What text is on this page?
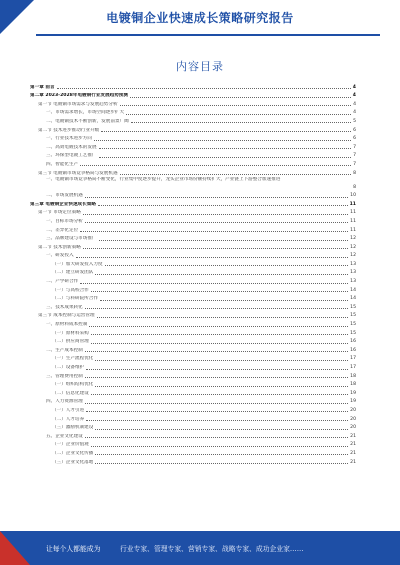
电镀铜企业快速成长策略研究报告
内容目录
第一章 前言	4
第二章 2023-2028年电镀铜行业发展趋势预测	4
第一节 电镀铜市场需求与发展趋势分析	4
一、市场需求增长，市场空间逐步扩大	4
二、电镀铜技术不断创新，发展前景广阔	5
第二节 技术进步推动行业升级	6
一、行业技术进步方向	6
二、高效电镀技术的发展	7
三、环保型电镀工艺推广	7
四、智能化生产	7
第三节 电镀铜市场竞争格局与发展机遇	8
一、电镀铜市场竞争格局不断变化，行业集中度逐步提升，龙头企业市场份额持续扩大，产业链上下游整合加速推进
8
二、市场发展机遇	10
第三章 电镀铜企业快速成长策略	11
第一节 市场定位策略	11
一、目标市场分析	11
二、差异化定位	11
三、品牌建设与市场推广	12
第二节 技术创新策略	12
一、研发投入	12
（一）加大研发投入力度	13
（二）建立研发团队	13
二、产学研合作	13
（一）与高校合作	14
（二）与科研院所合作	14
三、技术成果转化	15
第三节 成本控制与运营管理	15
一、原材料成本控制	15
（一）原材料采购	15
（二）供应商管理	16
二、生产成本控制	16
（一）生产流程优化	17
（二）设备维护	17
三、管理费用控制	18
（一）组织结构优化	18
（二）信息化建设	19
四、人力资源管理	19
（一）人才引进	20
（二）人才培养	20
（三）激励机制建设	20
五、企业文化建设	21
（一）企业价值观	21
（二）企业文化传播	21
（三）企业文化落地	21
让每个人都能成为	行业专家、管理专家、营销专家、战略专家、成功企业家……
